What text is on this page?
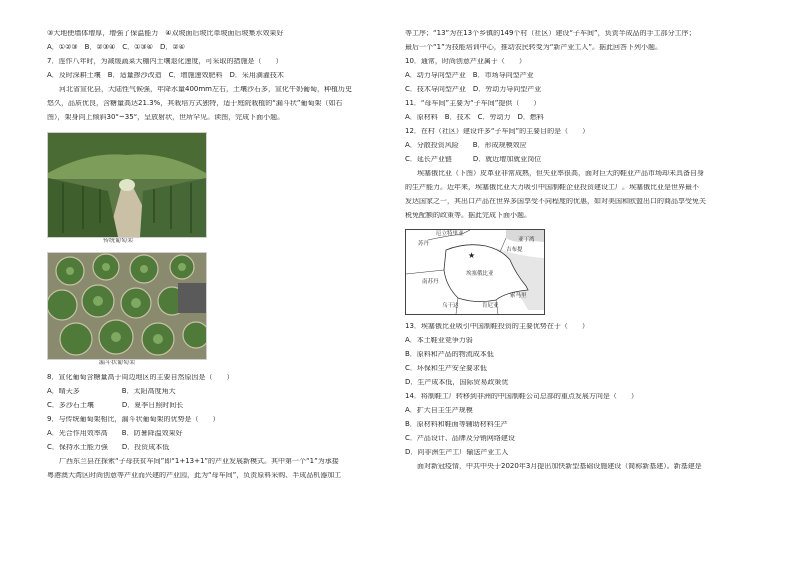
③大地使墙体增厚，增强了保温能力　④双坡面后坡比单坡面后坡集水效果好
A．①②③　B．②③④　C．①③④　D．②④
7．连作八年时，为减缓蔬菜大棚内土壤退化速度，可采取的措施是（　　）
A．及时深耕土壤　B．适量掺沙改造　C．增施速效肥料　D．采用滴灌技术
河北省宣化县，大陆性气候强，年降水量400mm左右，土壤沙石多，宣化牛奶葡萄，种植历史
悠久，品质优良，含糖量高达21.3%，其栽培方式独特，适于庭院栽植的“漏斗状”葡萄架（如右
图），架身向上倾斜30°~35°，呈放射状，世所罕见。读图，完成下面小题。
传统葡萄架
漏斗状葡萄架
8．宣化葡萄含糖量高于周边地区的主要自然原因是（　　）
A．晴天多　　　　　　B．太阳高度角大
C．多沙石土壤　　　　D．夏季日照时间长
9．与传统葡萄架相比，漏斗状葡萄架的优势是（　　）
A．光合作用效率高　　B．防暑降温效果好
C．保持水土能力强　　D．投资成本低
广西东兰县在探索“子母扶贫车间”即“1+13+1”的产业发展新模式。其中第一个“1”为承接
粤港澳大湾区时尚创意等产业而兴建的产业园，此为“母车间”，负责原料采购、半成品机器加工
等工序；“13”为在13个乡镇的149个村（社区）建设“子车间”，负责半成品的手工部分工序；
最后一个“1”为技能培训中心，推动农民转变为“新产业工人”。据此回答下列小题。
10．通常，时尚创意产业属于（　　）
A．动力导向型产业　B．市场导向型产业
C．技术导向型产业　D．劳动力导向型产业
11．“母车间”主要为“子车间”提供（　　）
A．原材料　B．技术　C．劳动力　D．燃料
12．在村（社区）建设许多“子车间”的主要目的是（　　）
A．分散投资风险　　B．形成规模效应
C．延长产业链　　　D．就近增加就业岗位
埃塞俄比亚（下图）皮革业非常成熟，但失业率很高，面对巨大的鞋业产品市场却未具备自身
的生产能力。近年来，埃塞俄比亚大力吸引中国制鞋企业投资建设工厂。埃塞俄比亚是世界最不
发达国家之一，其出口产品在世界多国享受不同程度的优惠，如对美国和欧盟出口的商品享受免关
税免配额的政策等。据此完成下面小题。
★
厄立特里亚
吉布提
亚丁湾
苏丹
南苏丹
埃塞俄比亚
索马里
乌干达	肯尼亚
13．埃塞俄比亚吸引中国制鞋投资的主要优势在于（　　）
A．本土鞋业竞争力弱
B．原料和产品的物流成本低
C．环保和生产安全要求低
D．生产成本低，国际贸易政策优
14．将制鞋工厂转移到非洲的中国制鞋公司总部的重点发展方向是（　　）
A．扩大自主生产规模
B．原材料和鞋面等辅助材料生产
C．产品设计、品牌及分销网络建设
D．向非洲生产工厂输送产业工人
面对新冠疫情，中共中央于2020年3月提出加快新型基础设施建设（简称新基建）。新基建是
